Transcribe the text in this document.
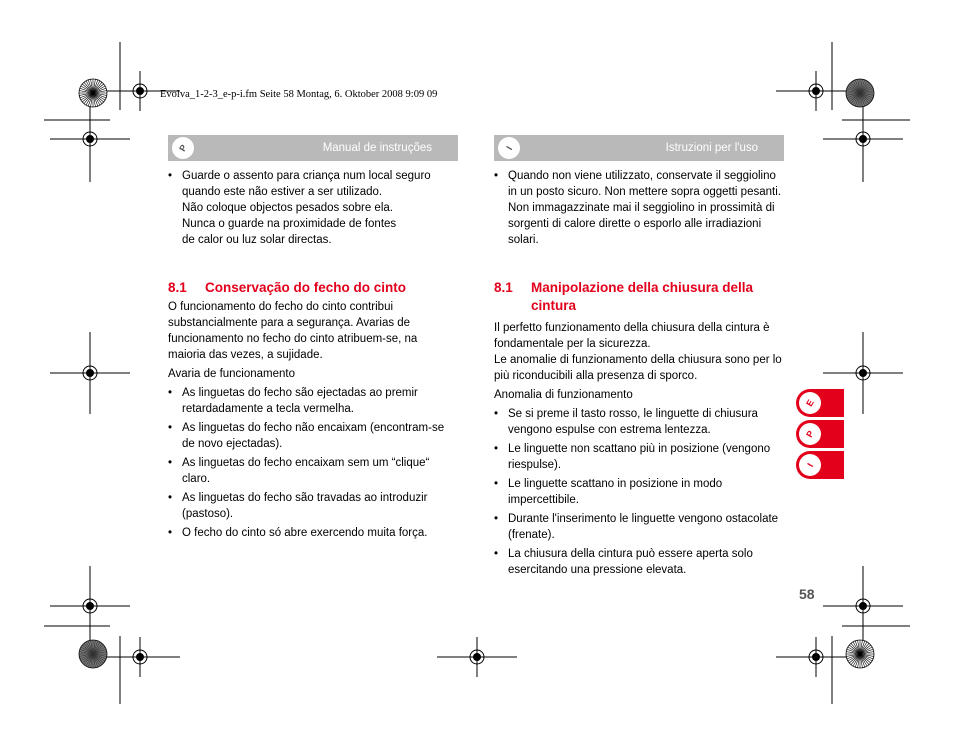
Evolva_1-2-3_e-p-i.fm Seite 58 Montag, 6. Oktober 2008 9:09 09
P	Manual de instruções
• Guarde o assento para criança num local seguro

quando este não estiver a ser utilizado.

Não coloque objectos pesados sobre ela.

Nunca o guarde na proximidade de fontes

de calor ou luz solar directas.

8.1 Conservação do fecho do cinto

O funcionamento do fecho do cinto contribui substancialmente para a segurança. Avarias de funcionamento no fecho do cinto atribuem-se, na maioria das vezes, a sujidade.

Avaria de funcionamento

• As linguetas do fecho são ejectadas ao premir retardadamente a tecla vermelha.

• As linguetas do fecho não encaixam (encontram-se de novo ejectadas).

• As linguetas do fecho encaixam sem um “clique“ claro.

• As linguetas do fecho são travadas ao introduzir (pastoso).

• O fecho do cinto só abre exercendo muita força.

I	Istruzioni per l'uso
• Quando non viene utilizzato, conservate il seggiolino in un posto sicuro. Non mettere sopra oggetti pesanti. Non immagazzinate mai il seggiolino in prossimità di sorgenti di calore dirette o esporlo alle irradiazioni solari.

8.1 Manipolazione della chiusura della cintura

Il perfetto funzionamento della chiusura della cintura è fondamentale per la sicurezza.

Le anomalie di funzionamento della chiusura sono per lo più riconducibili alla presenza di sporco.

Anomalia di funzionamento

• Se si preme il tasto rosso, le linguette di chiusura vengono espulse con estrema lentezza.

• Le linguette non scattano più in posizione (vengono riespulse).

• Le linguette scattano in posizione in modo impercettibile.

• Durante l'inserimento le linguette vengono ostacolate (frenate).

• La chiusura della cintura può essere aperta solo esercitando una pressione elevata.

E
P
I
58
